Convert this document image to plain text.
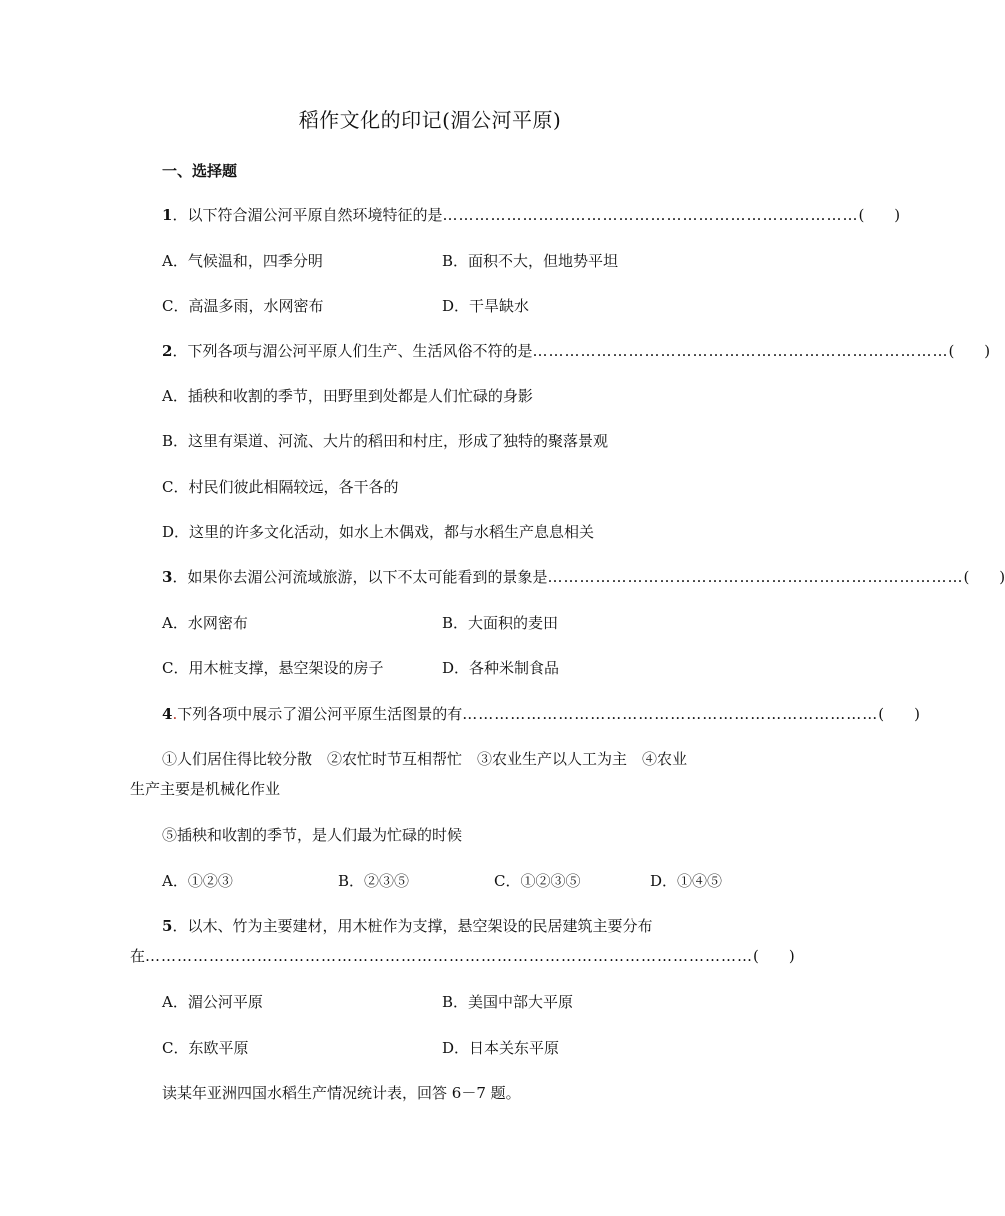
稻作文化的印记(湄公河平原)
一、选择题
1．以下符合湄公河平原自然环境特征的是 …………………………………………………………………… (　　)
A．气候温和，四季分明	B．面积不大，但地势平坦
C．高温多雨，水网密布	D．干旱缺水
2．下列各项与湄公河平原人们生产、生活风俗不符的是 …………………………………………………………………… (　　)
A．插秧和收割的季节，田野里到处都是人们忙碌的身影
B．这里有渠道、河流、大片的稻田和村庄，形成了独特的聚落景观
C．村民们彼此相隔较远，各干各的
D．这里的许多文化活动，如水上木偶戏，都与水稻生产息息相关
3．如果你去湄公河流域旅游，以下不太可能看到的景象是 …………………………………………………………………… (　　)
A．水网密布	B．大面积的麦田
C．用木桩支撑，悬空架设的房子	D．各种米制食品
4.下列各项中展示了湄公河平原生活图景的有 …………………………………………………………………… (　　)
①人们居住得比较分散　②农忙时节互相帮忙　③农业生产以人工为主　④农业
生产主要是机械化作业
⑤插秧和收割的季节，是人们最为忙碌的时候
A．①②③	B．②③⑤	C．①②③⑤	D．①④⑤
5．以木、竹为主要建材，用木桩作为支撑，悬空架设的民居建筑主要分布
在 …………………………………………………………………………………………………… (　　)
A．湄公河平原	B．美国中部大平原
C．东欧平原	D．日本关东平原
读某年亚洲四国水稻生产情况统计表，回答 6－7 题。
